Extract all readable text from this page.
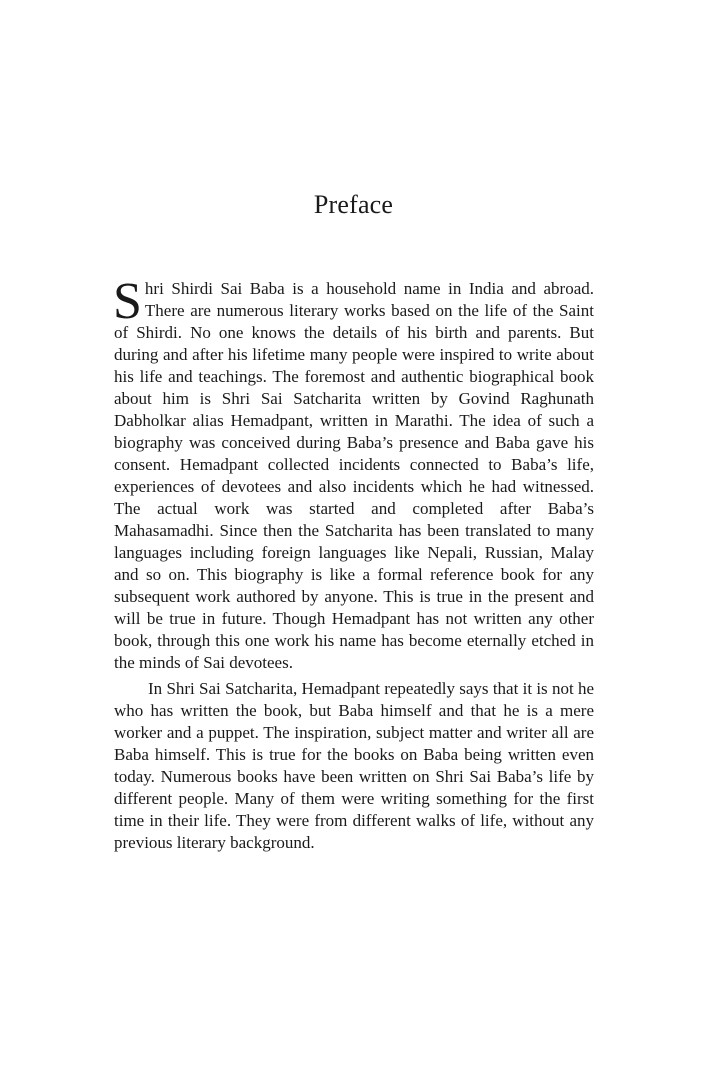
Preface

Shri Shirdi Sai Baba is a household name in India and abroad. There are numerous literary works based on the life of the Saint of Shirdi. No one knows the details of his birth and parents. But during and after his lifetime many people were inspired to write about his life and teachings. The foremost and authentic biographical book about him is Shri Sai Satcharita written by Govind Raghunath Dabholkar alias Hemadpant, written in Marathi. The idea of such a biography was conceived during Baba’s presence and Baba gave his consent. Hemadpant collected incidents connected to Baba’s life, experiences of devotees and also incidents which he had witnessed. The actual work was started and completed after Baba’s Mahasamadhi. Since then the Satcharita has been translated to many languages including foreign languages like Nepali, Russian, Malay and so on. This biography is like a formal reference book for any subsequent work authored by anyone. This is true in the present and will be true in future. Though Hemadpant has not written any other book, through this one work his name has become eternally etched in the minds of Sai devotees.

In Shri Sai Satcharita, Hemadpant repeatedly says that it is not he who has written the book, but Baba himself and that he is a mere worker and a puppet. The inspiration, subject matter and writer all are Baba himself. This is true for the books on Baba being written even today. Numerous books have been written on Shri Sai Baba’s life by different people. Many of them were writing something for the first time in their life. They were from different walks of life, without any previous literary background.
